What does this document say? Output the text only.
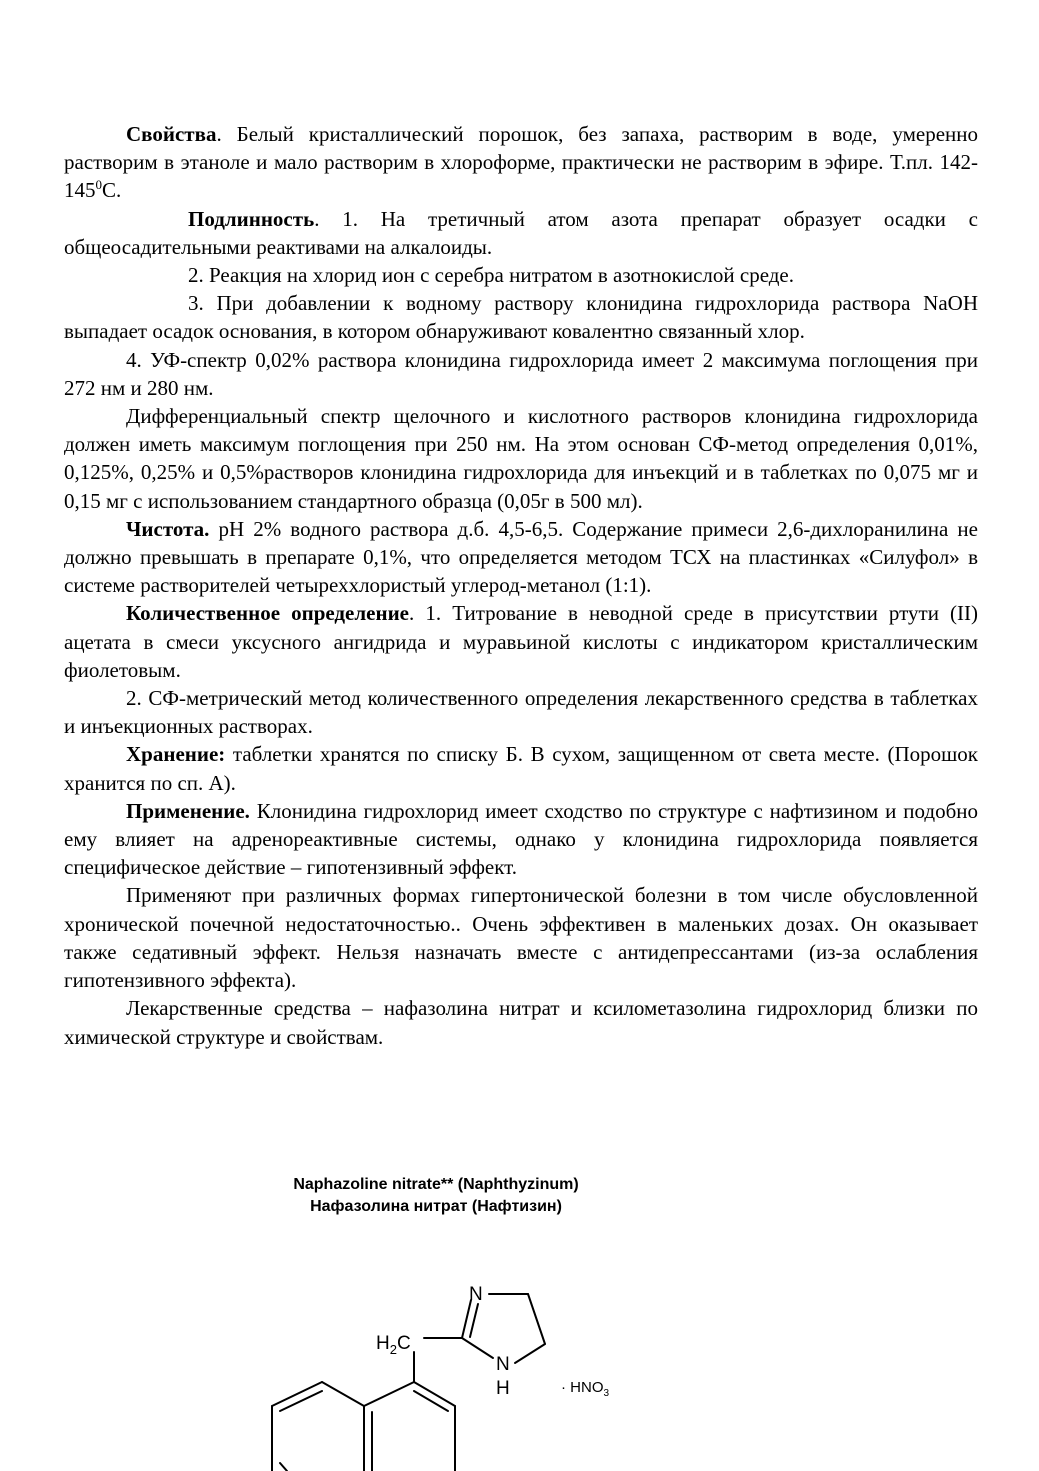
Свойства. Белый кристаллический порошок, без запаха, растворим в воде, умеренно растворим в этаноле и мало растворим в хлороформе, практически не растворим в эфире. Т.пл. $142-145^0С$.

Подлинность. 1. На третичный атом азота препарат образует осадки с общеосадительными реактивами на алкалоиды.

2. Реакция на хлорид ион с серебра нитратом в азотнокислой среде.

3. При добавлении к водному раствору клонидина гидрохлорида раствора NaOH выпадает осадок основания, в котором обнаруживают ковалентно связанный хлор.

4. УФ-спектр 0,02% раствора клонидина гидрохлорида имеет 2 максимума поглощения при 272 нм и 280 нм.

Дифференциальный спектр щелочного и кислотного растворов клонидина гидрохлорида должен иметь максимум поглощения при 250 нм. На этом основан СФ-метод определения 0,01%, 0,125%, 0,25% и 0,5%растворов клонидина гидрохлорида для инъекций и в таблетках по 0,075 мг и 0,15 мг с использованием стандартного образца (0,05г в 500 мл).

Чистота. pH 2% водного раствора д.б. 4,5-6,5. Содержание примеси 2,6-дихлоранилина не должно превышать в препарате 0,1%, что определяется методом ТСХ на пластинках «Силуфол» в системе растворителей четыреххлористый углерод-метанол (1:1).

Количественное определение. 1. Титрование в неводной среде в присутствии ртути (II) ацетата в смеси уксусного ангидрида и муравьиной кислоты с индикатором кристаллическим фиолетовым.

2. СФ-метрический метод количественного определения лекарственного средства в таблетках и инъекционных растворах.

Хранение: таблетки хранятся по списку Б. В сухом, защищенном от света месте. (Порошок хранится по сп. А).

Применение. Клонидина гидрохлорид имеет сходство по структуре с нафтизином и подобно ему влияет на адренореактивные системы, однако у клонидина гидрохлорида появляется специфическое действие – гипотензивный эффект.

Применяют при различных формах гипертонической болезни в том числе обусловленной хронической почечной недостаточностью.. Очень эффективен в маленьких дозах. Он оказывает также седативный эффект. Нельзя назначать вместе с антидепрессантами (из-за ослабления гипотензивного эффекта).

Лекарственные средства – нафазолина нитрат и ксилометазолина гидрохлорид близки по химической структуре и свойствам.

Naphazoline nitrate** (Naphthyzinum)
Нафазолина нитрат (Нафтизин)
N
$H_2C$
N
H	· $HNO_3$
